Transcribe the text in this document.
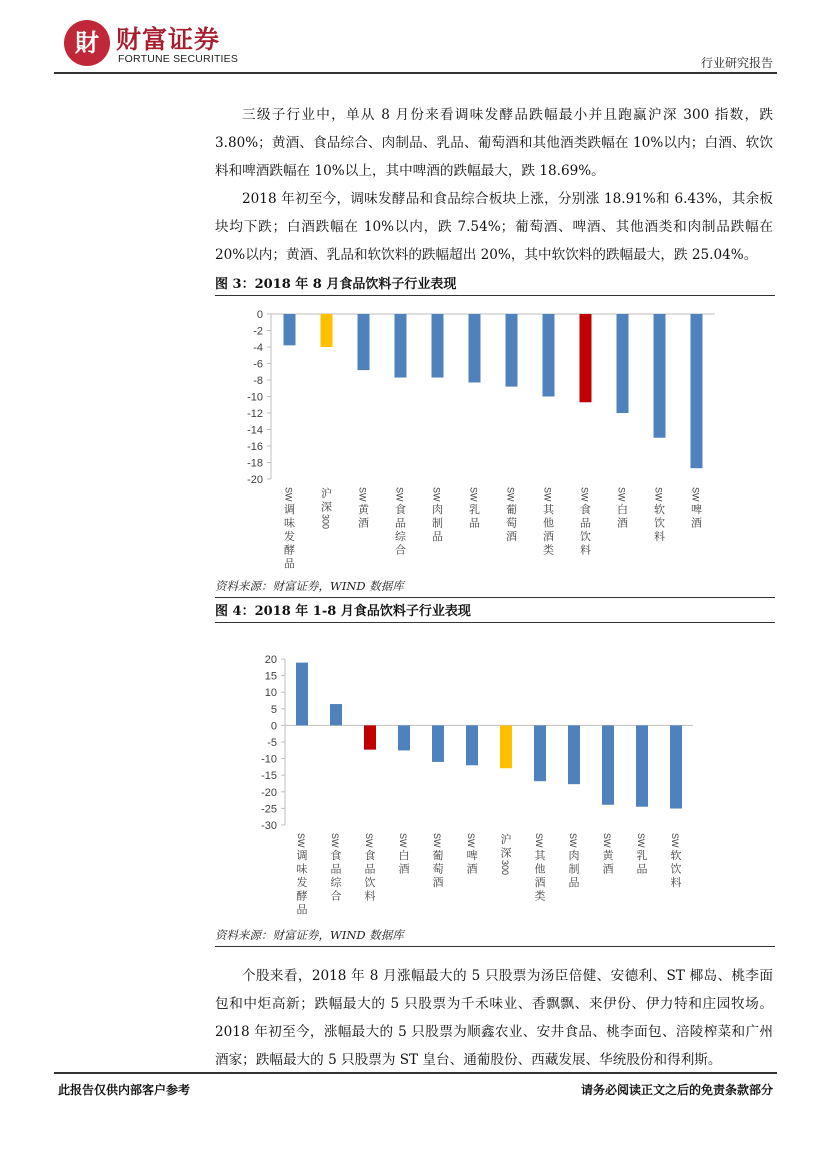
財 财富证券
FORTUNE SECURITIES	行业研究报告

三级子行业中，单从 8 月份来看调味发酵品跌幅最小并且跑赢沪深 300 指数，跌 3.80%；黄酒、食品综合、肉制品、乳品、葡萄酒和其他酒类跌幅在 10%以内；白酒、软饮料和啤酒跌幅在 10%以上，其中啤酒的跌幅最大，跌 18.69%。

2018 年初至今，调味发酵品和食品综合板块上涨，分别涨 18.91%和 6.43%，其余板块均下跌；白酒跌幅在 10%以内，跌 7.54%；葡萄酒、啤酒、其他酒类和肉制品跌幅在 20%以内；黄酒、乳品和软饮料的跌幅超出 20%，其中软饮料的跌幅最大，跌 25.04%。

图 3：2018 年 8 月食品饮料子行业表现
0
-2
-4
-6
-8
-10
-12
-14
-16
-18
-20
SW
调
味
发
酵
品
沪
深
300
SW
黄
酒
SW
食
品
综
合
SW
肉
制
品
SW
乳
品
SW
葡
萄
酒
SW
其
他
酒
类
SW
食
品
饮
料
SW
白
酒
SW
软
饮
料
SW
啤
酒
资料来源：财富证券，WIND 数据库
图 4：2018 年 1-8 月食品饮料子行业表现
20
15
10
5
0
-5
-10
-15
-20
-25
-30
SW
调
味
发
酵
品
SW
食
品
综
合
SW
食
品
饮
料
SW
白
酒
SW
葡
萄
酒
SW
啤
酒
沪
深
300
SW
其
他
酒
类
SW
肉
制
品
SW
黄
酒
SW
乳
品
SW
软
饮
料
资料来源：财富证券，WIND 数据库

个股来看，2018 年 8 月涨幅最大的 5 只股票为汤臣倍健、安德利、ST 椰岛、桃李面包和中炬高新；跌幅最大的 5 只股票为千禾味业、香飘飘、来伊份、伊力特和庄园牧场。2018 年初至今，涨幅最大的 5 只股票为顺鑫农业、安井食品、桃李面包、涪陵榨菜和广州酒家；跌幅最大的 5 只股票为 ST 皇台、通葡股份、西藏发展、华统股份和得利斯。

此报告仅供内部客户参考	请务必阅读正文之后的免责条款部分
